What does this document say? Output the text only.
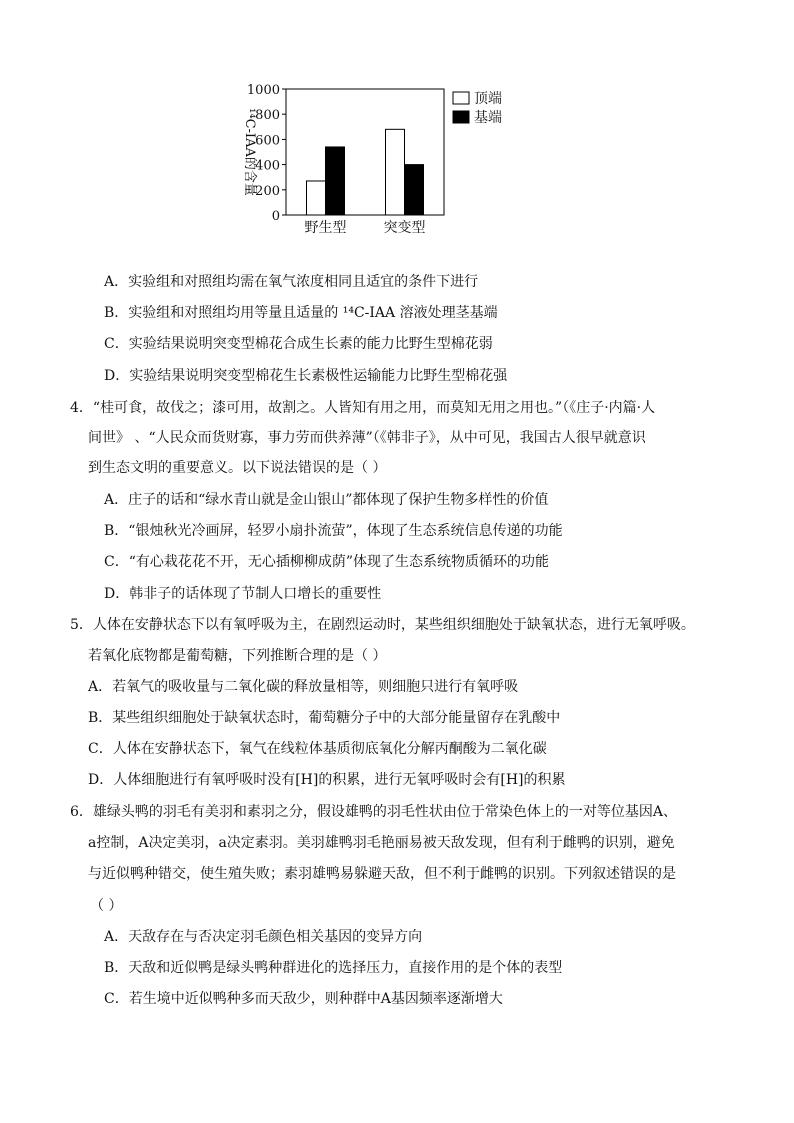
0
200
400
600
800
1000
¹⁴C-IAA的含量
野生型	突变型
顶端
基端
A．实验组和对照组均需在氧气浓度相同且适宜的条件下进行
B．实验组和对照组均用等量且适量的 ¹⁴C-IAA 溶液处理茎基端
C．实验结果说明突变型棉花合成生长素的能力比野生型棉花弱
D．实验结果说明突变型棉花生长素极性运输能力比野生型棉花强
4．“桂可食，故伐之；漆可用，故割之。人皆知有用之用，而莫知无用之用也。”（《庄子·内篇·人
间世》 、“人民众而货财寡，事力劳而供养薄”（《韩非子》，从中可见，我国古人很早就意识
到生态文明的重要意义。以下说法错误的是（ ）
A．庄子的话和“绿水青山就是金山银山”都体现了保护生物多样性的价值
B．“银烛秋光冷画屏，轻罗小扇扑流萤”，体现了生态系统信息传递的功能
C．“有心栽花花不开，无心插柳柳成荫”体现了生态系统物质循环的功能
D．韩非子的话体现了节制人口增长的重要性
5．人体在安静状态下以有氧呼吸为主，在剧烈运动时，某些组织细胞处于缺氧状态，进行无氧呼吸。
若氧化底物都是葡萄糖，下列推断合理的是（ ）
A．若氧气的吸收量与二氧化碳的释放量相等，则细胞只进行有氧呼吸
B．某些组织细胞处于缺氧状态时，葡萄糖分子中的大部分能量留存在乳酸中
C．人体在安静状态下，氧气在线粒体基质彻底氧化分解丙酮酸为二氧化碳
D．人体细胞进行有氧呼吸时没有[H]的积累，进行无氧呼吸时会有[H]的积累
6．雄绿头鸭的羽毛有美羽和素羽之分，假设雄鸭的羽毛性状由位于常染色体上的一对等位基因A、
a控制，A决定美羽，a决定素羽。美羽雄鸭羽毛艳丽易被天敌发现，但有利于雌鸭的识别，避免
与近似鸭种错交，使生殖失败；素羽雄鸭易躲避天敌，但不利于雌鸭的识别。下列叙述错误的是
（ ）
A．天敌存在与否决定羽毛颜色相关基因的变异方向
B．天敌和近似鸭是绿头鸭种群进化的选择压力，直接作用的是个体的表型
C．若生境中近似鸭种多而天敌少，则种群中A基因频率逐渐增大
